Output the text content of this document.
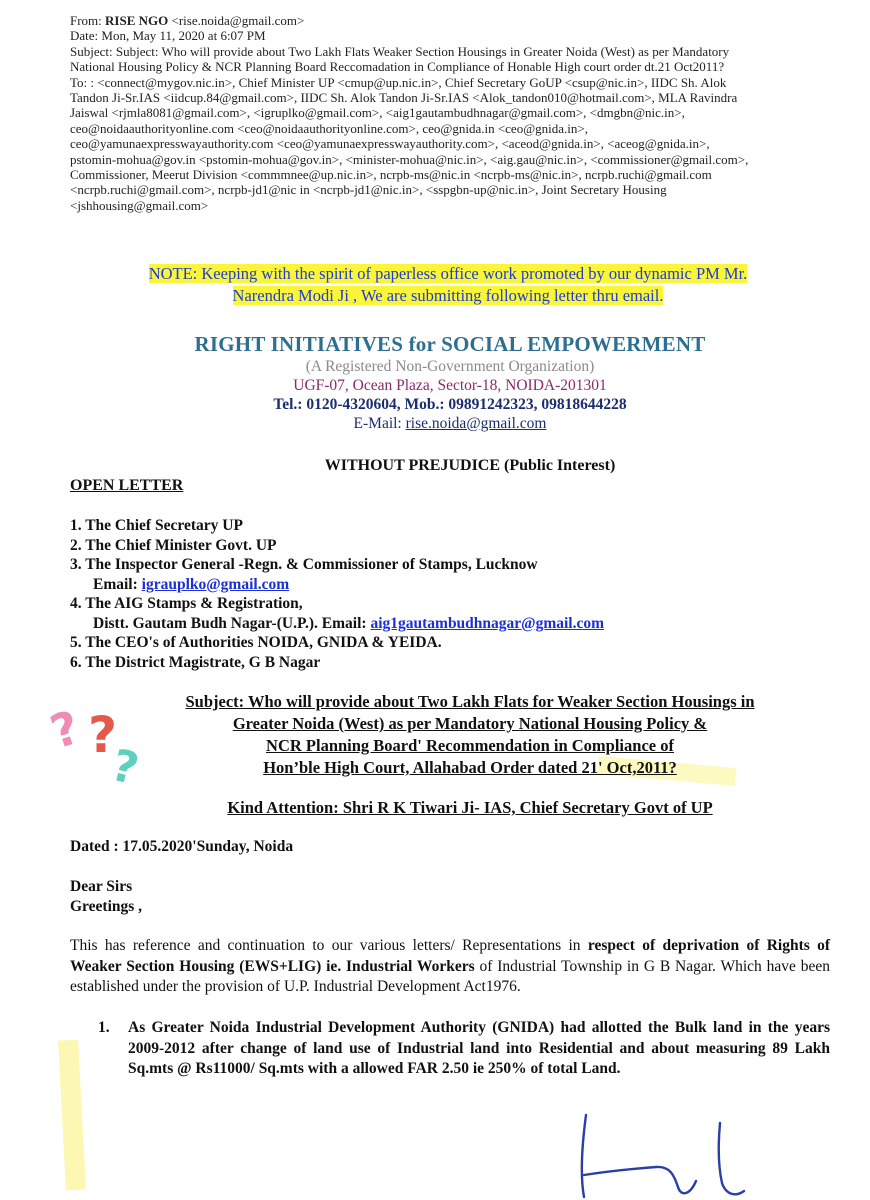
From: RISE NGO <rise.noida@gmail.com>
Date: Mon, May 11, 2020 at 6:07 PM
Subject: Subject: Who will provide about Two Lakh Flats Weaker Section Housings in Greater Noida (West) as per Mandatory
National Housing Policy & NCR Planning Board Reccomadation in Compliance of Honable High court order dt.21 Oct2011?
To: : <connect@mygov.nic.in>, Chief Minister UP <cmup@up.nic.in>, Chief Secretary GoUP <csup@nic.in>, IIDC Sh. Alok
Tandon Ji-Sr.IAS <iidcup.84@gmail.com>, IIDC Sh. Alok Tandon Ji-Sr.IAS <Alok_tandon010@hotmail.com>, MLA Ravindra
Jaiswal <rjmla8081@gmail.com>, <igruplko@gmail.com>, <aig1gautambudhnagar@gmail.com>, <dmgbn@nic.in>,
ceo@noidaauthorityonline.com <ceo@noidaauthorityonline.com>, ceo@gnida.in <ceo@gnida.in>,
ceo@yamunaexpresswayauthority.com <ceo@yamunaexpresswayauthority.com>, <aceod@gnida.in>, <aceog@gnida.in>,
pstomin-mohua@gov.in <pstomin-mohua@gov.in>, <minister-mohua@nic.in>, <aig.gau@nic.in>, <commissioner@gmail.com>,
Commissioner, Meerut Division <commmnee@up.nic.in>, ncrpb-ms@nic.in <ncrpb-ms@nic.in>, ncrpb.ruchi@gmail.com
<ncrpb.ruchi@gmail.com>, ncrpb-jd1@nic in <ncrpb-jd1@nic.in>, <sspgbn-up@nic.in>, Joint Secretary Housing
<jshhousing@gmail.com>
NOTE: Keeping with the spirit of paperless office work promoted by our dynamic PM Mr.
Narendra Modi Ji , We are submitting following letter thru email.
RIGHT INITIATIVES for SOCIAL EMPOWERMENT
(A Registered Non-Government Organization)
UGF-07, Ocean Plaza, Sector-18, NOIDA-201301
Tel.: 0120-4320604, Mob.: 09891242323, 09818644228
E-Mail: rise.noida@gmail.com
WITHOUT PREJUDICE (Public Interest)
OPEN LETTER
1. The Chief Secretary UP
2. The Chief Minister Govt. UP
3. The Inspector General -Regn. & Commissioner of Stamps, Lucknow
Email: igrauplko@gmail.com
4. The AIG Stamps & Registration,
Distt. Gautam Budh Nagar-(U.P.). Email: aig1gautambudhnagar@gmail.com
5. The CEO's of Authorities NOIDA, GNIDA & YEIDA.
6. The District Magistrate, G B Nagar
? ?
?
Subject: Who will provide about Two Lakh Flats for Weaker Section Housings in
Greater Noida (West) as per Mandatory National Housing Policy &
NCR Planning Board' Recommendation in Compliance of
Hon’ble High Court, Allahabad Order dated 21' Oct,2011?
Kind Attention: Shri R K Tiwari Ji- IAS, Chief Secretary Govt of UP
Dated : 17.05.2020'Sunday, Noida
Dear Sirs
Greetings ,
This has reference and continuation to our various letters/ Representations in respect of deprivation of Rights of Weaker Section Housing (EWS+LIG) ie. Industrial Workers of Industrial Township in G B Nagar. Which have been established under the provision of U.P. Industrial Development Act1976.
1. As Greater Noida Industrial Development Authority (GNIDA) had allotted the Bulk land in the years 2009-2012 after change of land use of Industrial land into Residential and about measuring 89 Lakh Sq.mts @ Rs11000/ Sq.mts with a allowed FAR 2.50 ie 250% of total Land.
